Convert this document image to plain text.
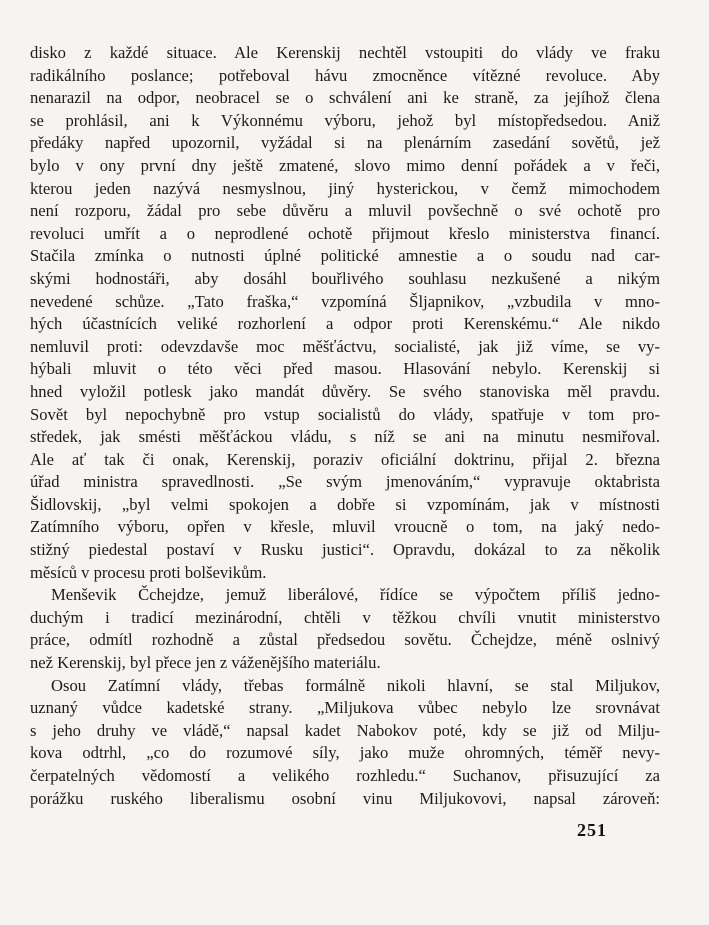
disko z každé situace. Ale Kerenskij nechtěl vstoupiti do vlády ve fraku
radikálního poslance; potřeboval hávu zmocněnce vítězné revoluce. Aby
nenarazil na odpor, neobracel se o schválení ani ke straně, za jejíhož člena
se prohlásil, ani k Výkonnému výboru, jehož byl místopředsedou. Aniž
předáky napřed upozornil, vyžádal si na plenárním zasedání sovětů, jež
bylo v ony první dny ještě zmatené, slovo mimo denní pořádek a v řeči,
kterou jeden nazývá nesmyslnou, jiný hysterickou, v čemž mimochodem
není rozporu, žádal pro sebe důvěru a mluvil povšechně o své ochotě pro
revoluci umřít a o neprodlené ochotě přijmout křeslo ministerstva financí.
Stačila zmínka o nutnosti úplné politické amnestie a o soudu nad car-
skými hodnostáři, aby dosáhl bouřlivého souhlasu nezkušené a nikým
nevedené schůze. „Tato fraška,“ vzpomíná Šljapnikov, „vzbudila v mno-
hých účastnících veliké rozhorlení a odpor proti Kerenskému.“ Ale nikdo
nemluvil proti: odevzdavše moc měšťáctvu, socialisté, jak již víme, se vy-
hýbali mluvit o této věci před masou. Hlasování nebylo. Kerenskij si
hned vyložil potlesk jako mandát důvěry. Se svého stanoviska měl pravdu.
Sovět byl nepochybně pro vstup socialistů do vlády, spatřuje v tom pro-
středek, jak smésti měšťáckou vládu, s níž se ani na minutu nesmiřoval.
Ale ať tak či onak, Kerenskij, poraziv oficiální doktrinu, přijal 2. března
úřad ministra spravedlnosti. „Se svým jmenováním,“ vypravuje oktabrista
Šidlovskij, „byl velmi spokojen a dobře si vzpomínám, jak v místnosti
Zatímního výboru, opřen v křesle, mluvil vroucně o tom, na jaký nedo-
stižný piedestal postaví v Rusku justici“. Opravdu, dokázal to za několik
měsíců v procesu proti bolševikům.
Menševik Čchejdze, jemuž liberálové, řídíce se výpočtem příliš jedno-
duchým i tradicí mezinárodní, chtěli v těžkou chvíli vnutit ministerstvo
práce, odmítl rozhodně a zůstal předsedou sovětu. Čchejdze, méně oslnivý
než Kerenskij, byl přece jen z váženějšího materiálu.
Osou Zatímní vlády, třebas formálně nikoli hlavní, se stal Miljukov,
uznaný vůdce kadetské strany. „Miljukova vůbec nebylo lze srovnávat
s jeho druhy ve vládě,“ napsal kadet Nabokov poté, kdy se již od Milju-
kova odtrhl, „co do rozumové síly, jako muže ohromných, téměř nevy-
čerpatelných vědomostí a velikého rozhledu.“ Suchanov, přisuzující za
porážku ruského liberalismu osobní vinu Miljukovovi, napsal zároveň:
251
